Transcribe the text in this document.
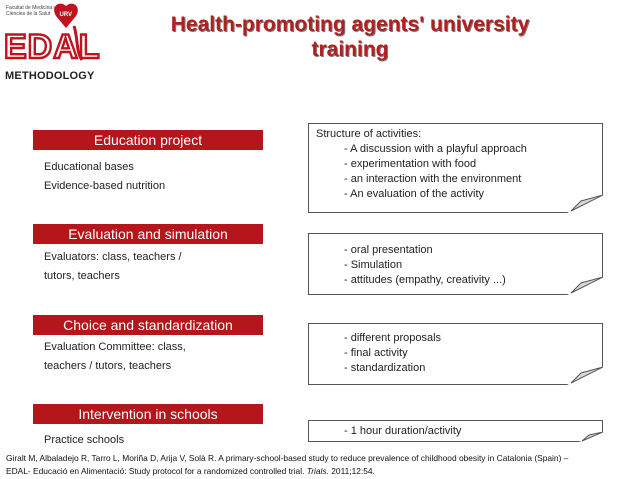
Facultat de Medicina i
Ciències de la Salut URV
EDAL
METHODOLOGY
Health-promoting agents' university
training
Education project
Educational bases
Evidence-based nutrition
Evaluation and simulation
Evaluators: class, teachers /
tutors, teachers
Choice and standardization
Evaluation Committee: class,
teachers / tutors, teachers
Intervention in schools
Practice schools
Structure of activities:
- A discussion with a playful approach
- experimentation with food
- an interaction with the environment
- An evaluation of the activity
- oral presentation
- Simulation
- attitudes (empathy, creativity ...)
- different proposals
- final activity
- standardization
- 1 hour duration/activity
Giralt M, Albaladejo R, Tarro L, Moriña D, Arija V, Solà R. A primary-school-based study to reduce prevalence of childhood obesity in Catalonia (Spain) –
EDAL- Educació en Alimentació: Study protocol for a randomized controlled trial. Trials. 2011;12:54.
